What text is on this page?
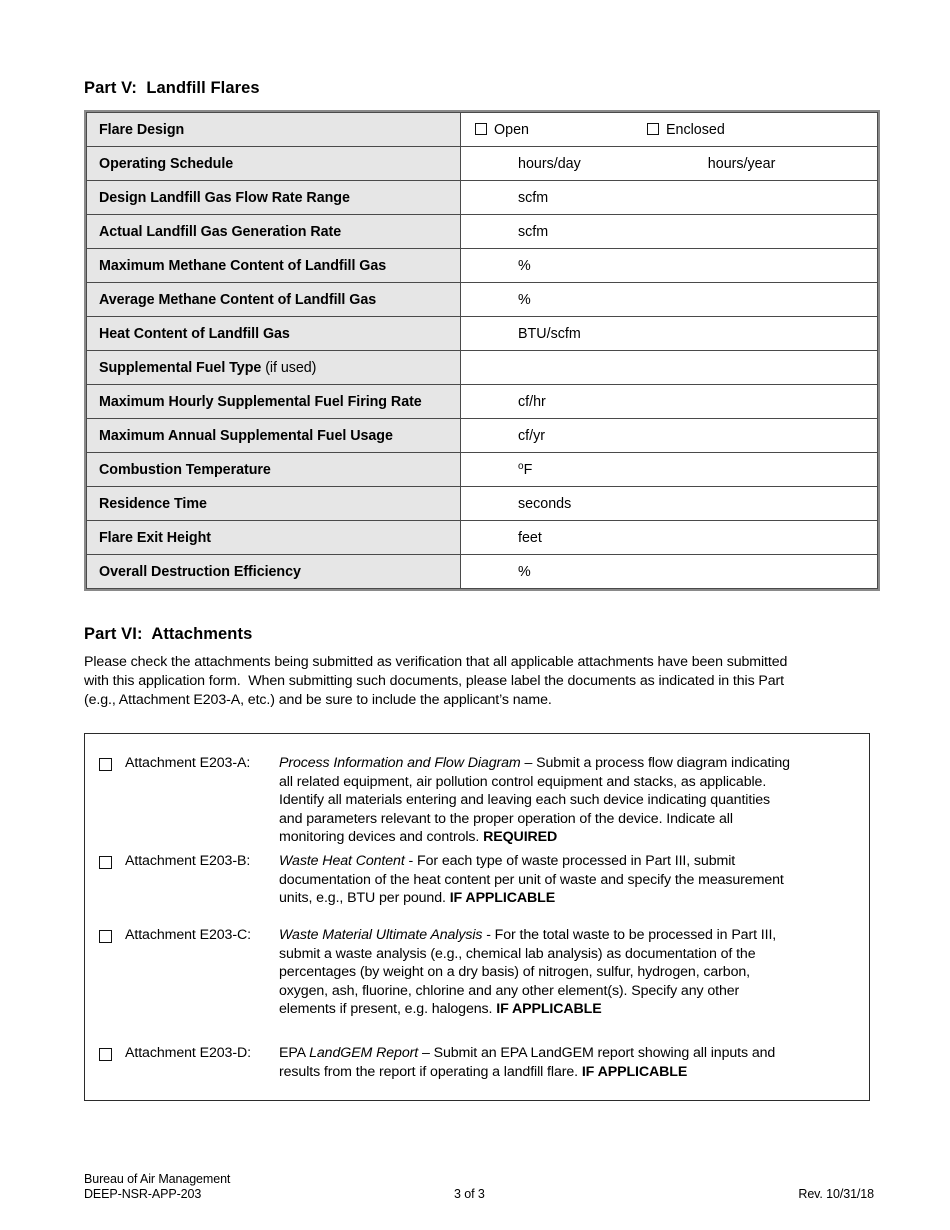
Part V:  Landfill Flares
Flare Design	Open Enclosed

Operating Schedule	hours/day hours/year

Design Landfill Gas Flow Rate Range	scfm

Actual Landfill Gas Generation Rate	scfm

Maximum Methane Content of Landfill Gas	%

Average Methane Content of Landfill Gas	%

Heat Content of Landfill Gas	BTU/scfm

Supplemental Fuel Type (if used)	

Maximum Hourly Supplemental Fuel Firing Rate	cf/hr

Maximum Annual Supplemental Fuel Usage	cf/yr

Combustion Temperature	$^o$F

Residence Time	seconds

Flare Exit Height	feet

Overall Destruction Efficiency	%
Part VI:  Attachments
Please check the attachments being submitted as verification that all applicable attachments have been submitted
with this application form.  When submitting such documents, please label the documents as indicated in this Part
(e.g., Attachment E203-A, etc.) and be sure to include the applicant’s name.
Attachment E203-A:	Process Information and Flow Diagram – Submit a process flow diagram indicating
all related equipment, air pollution control equipment and stacks, as applicable.
Identify all materials entering and leaving each such device indicating quantities
and parameters relevant to the proper operation of the device. Indicate all
monitoring devices and controls. REQUIRED
Attachment E203-B:	Waste Heat Content - For each type of waste processed in Part III, submit
documentation of the heat content per unit of waste and specify the measurement
units, e.g., BTU per pound. IF APPLICABLE
Attachment E203-C:	Waste Material Ultimate Analysis - For the total waste to be processed in Part III,
submit a waste analysis (e.g., chemical lab analysis) as documentation of the
percentages (by weight on a dry basis) of nitrogen, sulfur, hydrogen, carbon,
oxygen, ash, fluorine, chlorine and any other element(s). Specify any other
elements if present, e.g. halogens. IF APPLICABLE
Attachment E203-D:	EPA LandGEM Report – Submit an EPA LandGEM report showing all inputs and
results from the report if operating a landfill flare. IF APPLICABLE
Bureau of Air Management
DEEP-NSR-APP-203	3 of 3	Rev. 10/31/18
